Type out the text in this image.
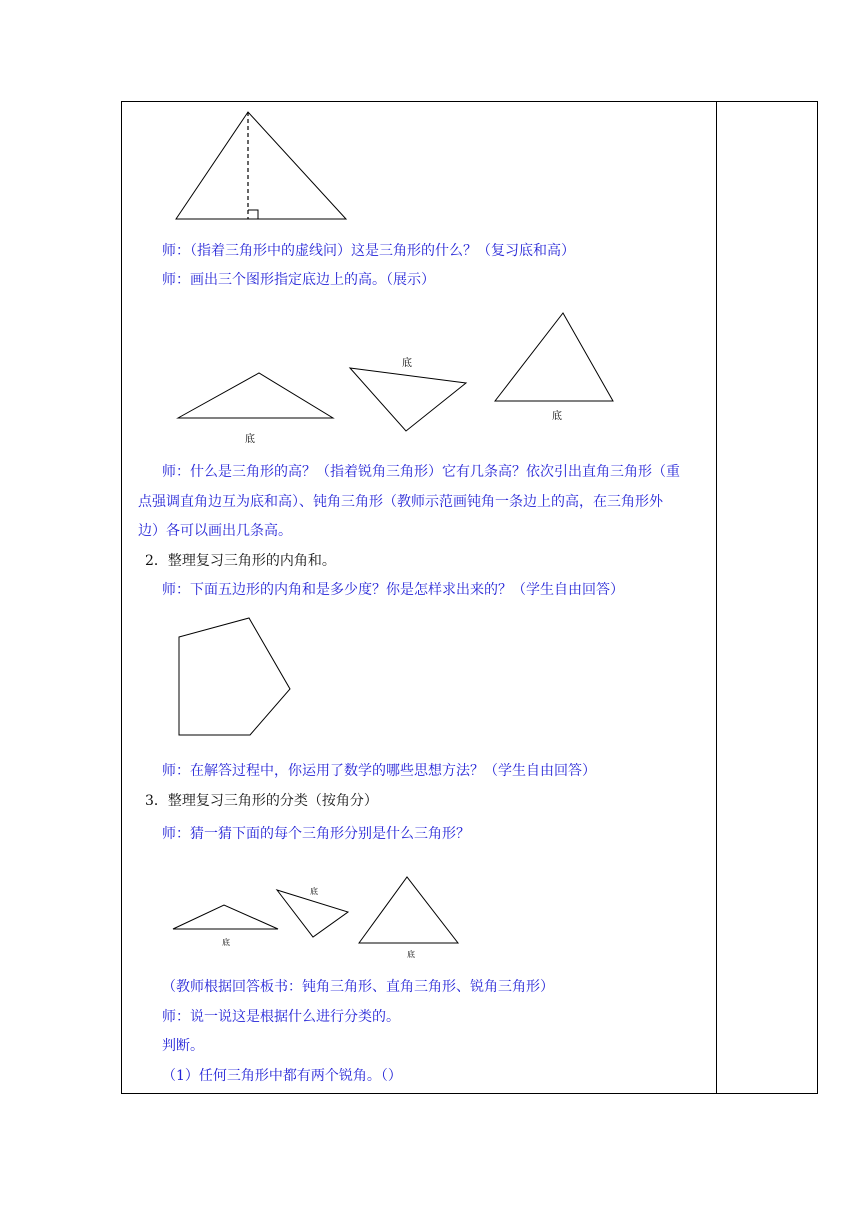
底
底
底
底
底
底
师：（指着三角形中的虚线问）这是三角形的什么？（复习底和高）
师：画出三个图形指定底边上的高。（展示）
师：什么是三角形的高？（指着锐角三角形）它有几条高？依次引出直角三角形（重
点强调直角边互为底和高）、钝角三角形（教师示范画钝角一条边上的高，在三角形外
边）各可以画出几条高。
2．整理复习三角形的内角和。
师：下面五边形的内角和是多少度？你是怎样求出来的？（学生自由回答）
师：在解答过程中，你运用了数学的哪些思想方法？（学生自由回答）
3．整理复习三角形的分类（按角分）
师：猜一猜下面的每个三角形分别是什么三角形？
（教师根据回答板书：钝角三角形、直角三角形、锐角三角形）
师：说一说这是根据什么进行分类的。
判断。
（1）任何三角形中都有两个锐角。（）
